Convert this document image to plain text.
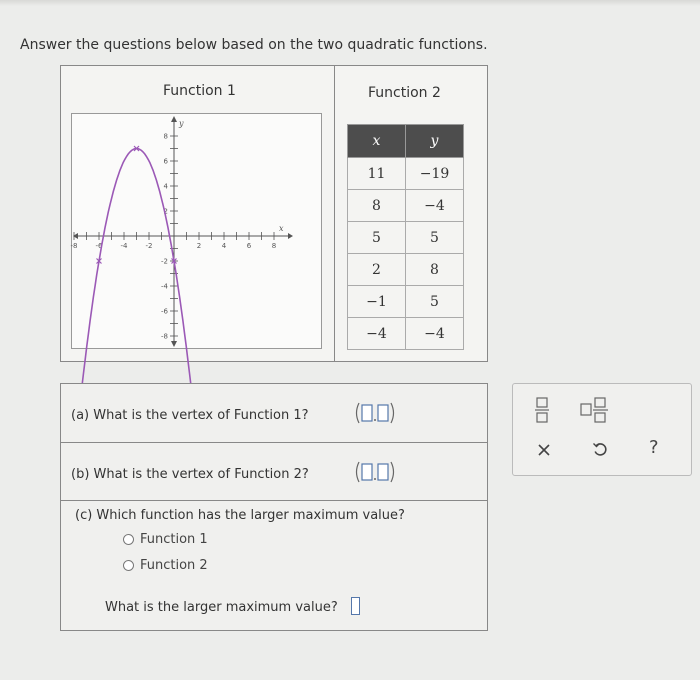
Answer the questions below based on the two quadratic functions.
Function 1	Function 2
-8	-6	-4	-2	2	4	6	8
8
6
4
2
-2
-4
-6
-8
x
y
x	y
11	−19
8	−4
5	5
2	8
−1	5
−4	−4
(a) What is the vertex of Function 1?
(b) What is the vertex of Function 2?
(c) Which function has the larger maximum value?
Function 1
Function 2
What is the larger maximum value?
?
